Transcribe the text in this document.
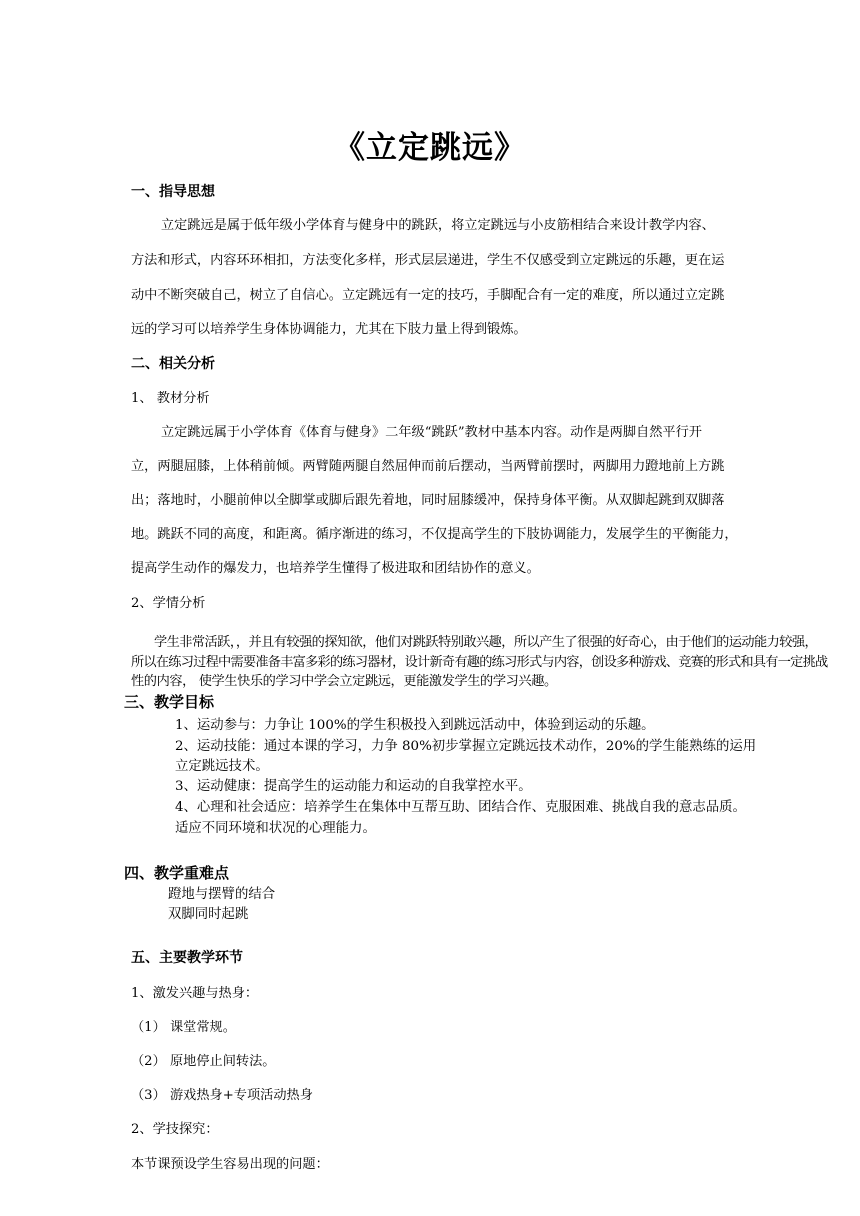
《立定跳远》
一、指导思想
立定跳远是属于低年级小学体育与健身中的跳跃，将立定跳远与小皮筋相结合来设计教学内容、
方法和形式，内容环环相扣，方法变化多样，形式层层递进，学生不仅感受到立定跳远的乐趣，更在运
动中不断突破自己，树立了自信心。立定跳远有一定的技巧，手脚配合有一定的难度，所以通过立定跳
远的学习可以培养学生身体协调能力，尤其在下肢力量上得到锻炼。
二、相关分析
1、 教材分析
立定跳远属于小学体育《体育与健身》二年级“跳跃”教材中基本内容。动作是两脚自然平行开
立，两腿屈膝，上体稍前倾。两臂随两腿自然屈伸而前后摆动，当两臂前摆时，两脚用力蹬地前上方跳
出；落地时，小腿前伸以全脚掌或脚后跟先着地，同时屈膝缓冲，保持身体平衡。从双脚起跳到双脚落
地。跳跃不同的高度，和距离。循序渐进的练习，不仅提高学生的下肢协调能力，发展学生的平衡能力，
提高学生动作的爆发力，也培养学生懂得了极进取和团结协作的意义。
2、学情分析
学生非常活跃，，并且有较强的探知欲，他们对跳跃特别敢兴趣，所以产生了很强的好奇心，由于他们的运动能力较强，
所以在练习过程中需要准备丰富多彩的练习器材，设计新奇有趣的练习形式与内容，创设多种游戏、竞赛的形式和具有一定挑战
性的内容， 使学生快乐的学习中学会立定跳远，更能激发学生的学习兴趣。
三、教学目标
1、运动参与：力争让 100%的学生积极投入到跳远活动中，体验到运动的乐趣。
2、运动技能：通过本课的学习，力争 80%初步掌握立定跳远技术动作，20%的学生能熟练的运用
立定跳远技术。
3、运动健康：提高学生的运动能力和运动的自我掌控水平。
4、心理和社会适应：培养学生在集体中互帮互助、团结合作、克服困难、挑战自我的意志品质。
适应不同环境和状况的心理能力。
四、教学重难点
蹬地与摆臂的结合
双脚同时起跳
五、主要教学环节
1、激发兴趣与热身：
（1） 课堂常规。
（2） 原地停止间转法。
（3） 游戏热身+专项活动热身
2、学技探究：
本节课预设学生容易出现的问题：
